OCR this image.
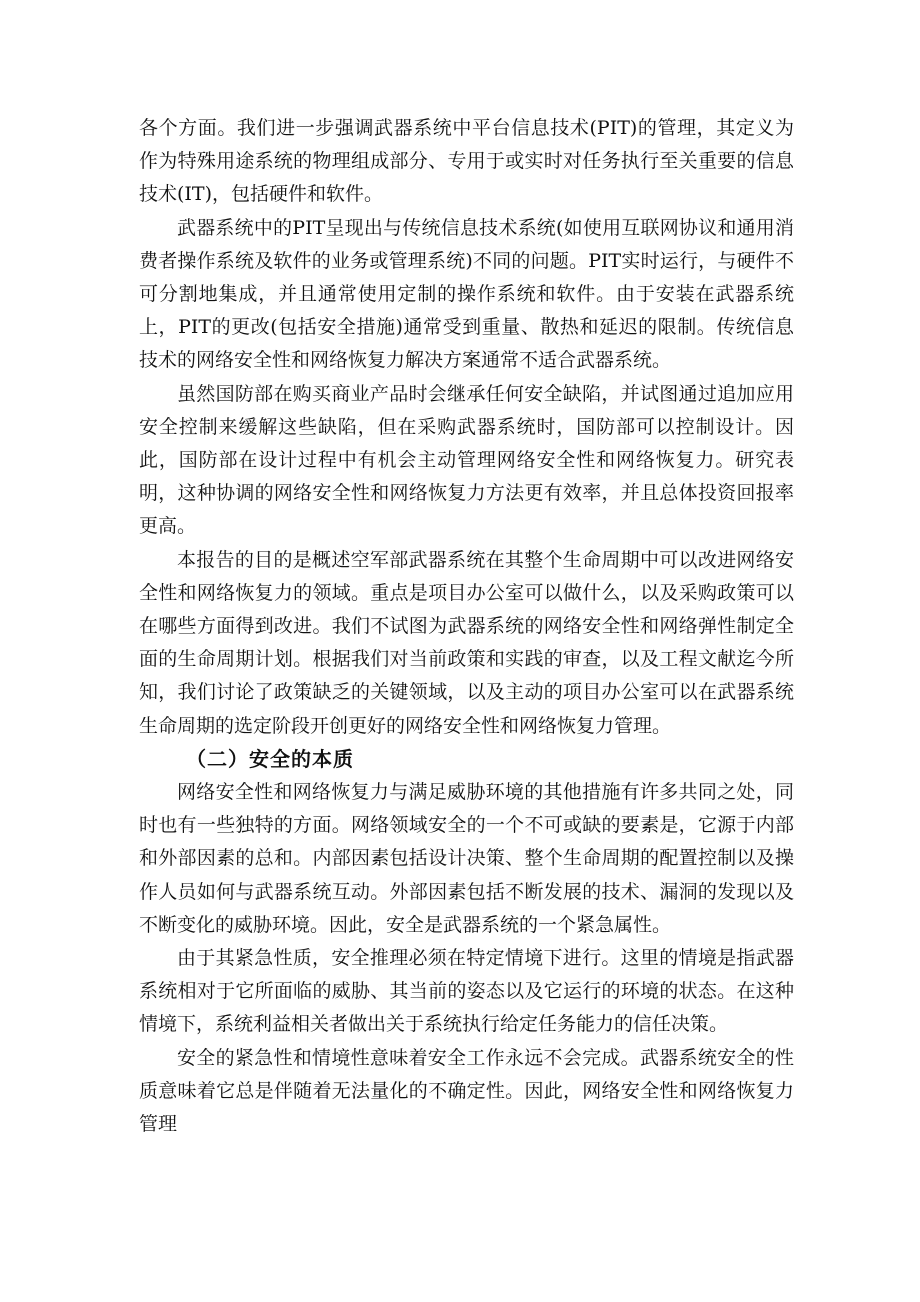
各个方面。我们进一步强调武器系统中平台信息技术(PIT)的管理，其定义为作为特殊用途系统的物理组成部分、专用于或实时对任务执行至关重要的信息技术(IT)，包括硬件和软件。

武器系统中的PIT呈现出与传统信息技术系统(如使用互联网协议和通用消费者操作系统及软件的业务或管理系统)不同的问题。PIT实时运行，与硬件不可分割地集成，并且通常使用定制的操作系统和软件。由于安装在武器系统上，PIT的更改(包括安全措施)通常受到重量、散热和延迟的限制。传统信息技术的网络安全性和网络恢复力解决方案通常不适合武器系统。

虽然国防部在购买商业产品时会继承任何安全缺陷，并试图通过追加应用安全控制来缓解这些缺陷，但在采购武器系统时，国防部可以控制设计。因此，国防部在设计过程中有机会主动管理网络安全性和网络恢复力。研究表明，这种协调的网络安全性和网络恢复力方法更有效率，并且总体投资回报率更高。

本报告的目的是概述空军部武器系统在其整个生命周期中可以改进网络安全性和网络恢复力的领域。重点是项目办公室可以做什么，以及采购政策可以在哪些方面得到改进。我们不试图为武器系统的网络安全性和网络弹性制定全面的生命周期计划。根据我们对当前政策和实践的审查，以及工程文献迄今所知，我们讨论了政策缺乏的关键领域，以及主动的项目办公室可以在武器系统生命周期的选定阶段开创更好的网络安全性和网络恢复力管理。

（二）安全的本质

网络安全性和网络恢复力与满足威胁环境的其他措施有许多共同之处，同时也有一些独特的方面。网络领域安全的一个不可或缺的要素是，它源于内部和外部因素的总和。内部因素包括设计决策、整个生命周期的配置控制以及操作人员如何与武器系统互动。外部因素包括不断发展的技术、漏洞的发现以及不断变化的威胁环境。因此，安全是武器系统的一个紧急属性。

由于其紧急性质，安全推理必须在特定情境下进行。这里的情境是指武器系统相对于它所面临的威胁、其当前的姿态以及它运行的环境的状态。在这种情境下，系统利益相关者做出关于系统执行给定任务能力的信任决策。

安全的紧急性和情境性意味着安全工作永远不会完成。武器系统安全的性质意味着它总是伴随着无法量化的不确定性。因此，网络安全性和网络恢复力管理
